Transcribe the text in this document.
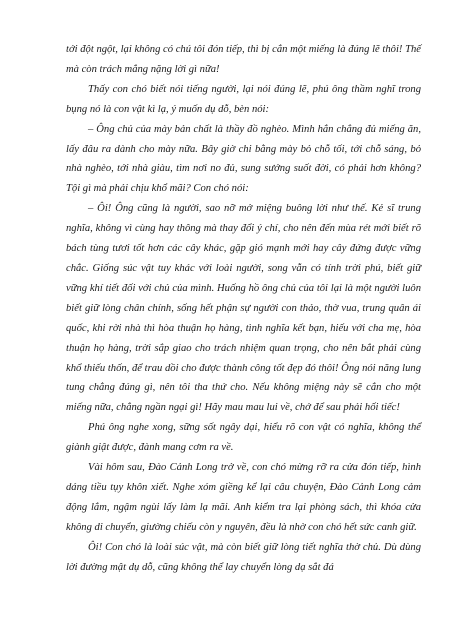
tới đột ngột, lại không có chú tôi đón tiếp, thì bị cắn một miếng là đúng lẽ thôi! Thế mà còn trách mắng nặng lời gì nữa!

Thấy con chó biết nói tiếng người, lại nói đúng lẽ, phú ông thầm nghĩ trong bụng nó là con vật kì lạ, ý muốn dụ dỗ, bèn nói:

– Ông chủ của mày bản chất là thầy đồ nghèo. Mình hắn chẳng đủ miếng ăn, lấy đâu ra dành cho mày nữa. Bây giờ chi bằng mày bỏ chỗ tối, tới chỗ sáng, bỏ nhà nghèo, tới nhà giàu, tìm nơi no đủ, sung sướng suốt đời, có phải hơn không? Tội gì mà phải chịu khổ mãi? Con chó nói:

– Ôi! Ông cũng là người, sao nỡ mở miệng buông lời như thế. Kẻ sĩ trung nghĩa, không vì cùng hay thông mà thay đổi ý chí, cho nên đến mùa rét mới biết rõ bách tùng tươi tốt hơn các cây khác, gặp gió mạnh mới hay cây đứng được vững chắc. Giống súc vật tuy khác với loài người, song vẫn có tính trời phú, biết giữ vững khí tiết đối với chủ của mình. Huống hồ ông chủ của tôi lại là một người luôn biết giữ lòng chân chính, sống hết phận sự người con thảo, thờ vua, trung quân ái quốc, khi rời nhà thì hòa thuận họ hàng, tình nghĩa kết bạn, hiếu với cha mẹ, hòa thuận họ hàng, trời sắp giao cho trách nhiệm quan trọng, cho nên bắt phải cùng khổ thiếu thốn, để trau dồi cho được thành công tốt đẹp đó thôi! Ông nói năng lung tung chẳng đúng gì, nên tôi tha thứ cho. Nếu không miệng này sẽ cắn cho một miếng nữa, chẳng ngần ngại gì! Hãy mau mau lui về, chớ để sau phải hối tiếc!

Phú ông nghe xong, sững sốt ngây dại, hiểu rõ con vật có nghĩa, không thể giành giật được, đành mang cơm ra về.

Vài hôm sau, Đào Cảnh Long trở về, con chó mừng rỡ ra cửa đón tiếp, hình dáng tiều tụy khôn xiết. Nghe xóm giềng kể lại câu chuyện, Đào Cảnh Long cảm động lắm, ngậm ngùi lấy làm lạ mãi. Anh kiểm tra lại phòng sách, thì khóa cửa không di chuyển, giường chiếu còn y nguyên, đều là nhờ con chó hết sức canh giữ.

Ôi! Con chó là loài súc vật, mà còn biết giữ lòng tiết nghĩa thờ chủ. Dù dùng lời đường mật dụ dỗ, cũng không thể lay chuyển lòng dạ sắt đá
